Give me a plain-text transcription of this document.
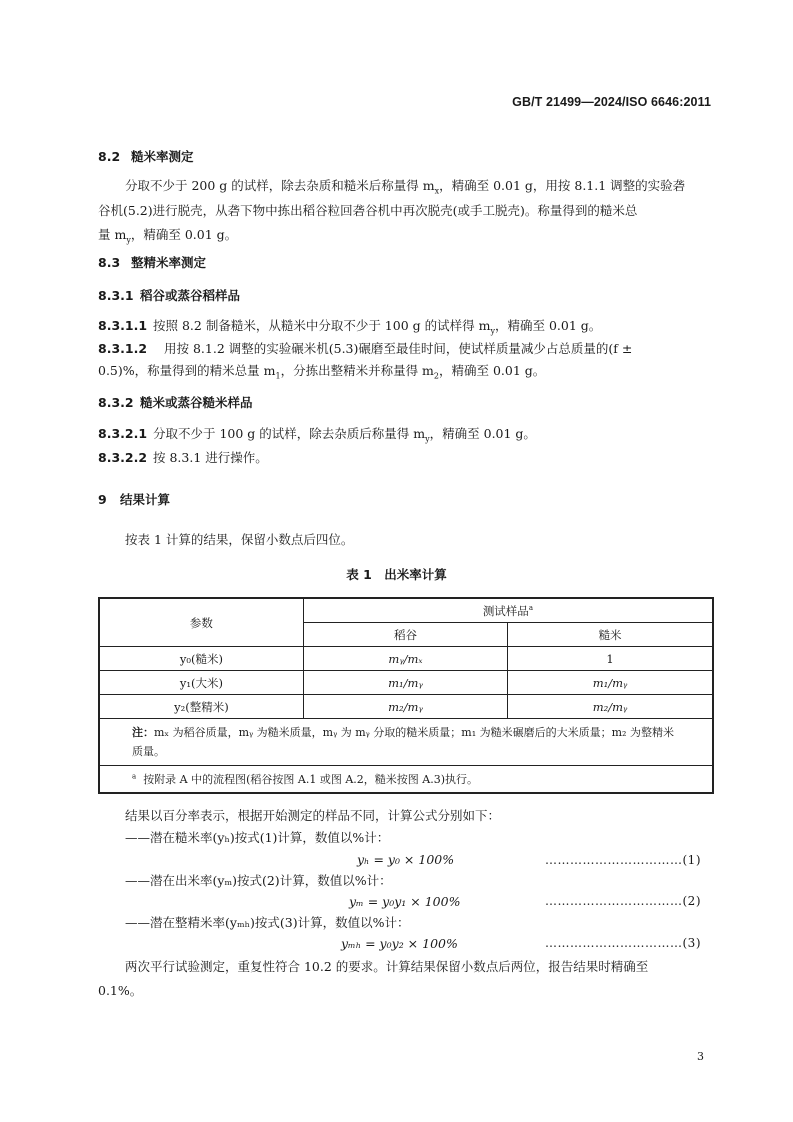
GB/T 21499—2024/ISO 6646:2011
8.2 糙米率测定
分取不少于 200 g 的试样，除去杂质和糙米后称量得 $m_x$，精确至 0.01 g，用按 8.1.1 调整的实验砻
谷机(5.2)进行脱壳，从砻下物中拣出稻谷粒回砻谷机中再次脱壳(或手工脱壳)。称量得到的糙米总
量 $m_y$，精确至 0.01 g。
8.3 整精米率测定
8.3.1 稻谷或蒸谷稻样品
8.3.1.1 按照 8.2 制备糙米，从糙米中分取不少于 100 g 的试样得 $m_y$，精确至 0.01 g。
8.3.1.2 用按 8.1.2 调整的实验碾米机(5.3)碾磨至最佳时间，使试样质量减少占总质量的(f ±
0.5)%，称量得到的精米总量 $m_1$，分拣出整精米并称量得 $m_2$，精确至 0.01 g。
8.3.2 糙米或蒸谷糙米样品
8.3.2.1 分取不少于 100 g 的试样，除去杂质后称量得 $m_y$，精确至 0.01 g。
8.3.2.2 按 8.3.1 进行操作。
9 结果计算
按表 1 计算的结果，保留小数点后四位。
表 1　出米率计算
参数	测试样品$^a$
	稻谷	糙米
y₀(糙米)	mᵧ/mₓ	1
y₁(大米)	m₁/mᵧ	m₁/mᵧ
y₂(整精米)	m₂/mᵧ	m₂/mᵧ
注：mₓ 为稻谷质量，mᵧ 为糙米质量，mᵧ 为 mᵧ 分取的糙米质量；m₁ 为糙米碾磨后的大米质量；m₂ 为整精米
质量。		
$^a$ 按附录 A 中的流程图(稻谷按图 A.1 或图 A.2，糙米按图 A.3)执行。		
结果以百分率表示，根据开始测定的样品不同，计算公式分别如下：
——潜在糙米率(yₕ)按式(1)计算，数值以%计：
yₕ = y₀ × 100%	……………………………(1)
——潜在出米率(yₘ)按式(2)计算，数值以%计：
yₘ = y₀y₁ × 100%	……………………………(2)
——潜在整精米率(yₘₕ)按式(3)计算，数值以%计：
yₘₕ = y₀y₂ × 100%	……………………………(3)
两次平行试验测定，重复性符合 10.2 的要求。计算结果保留小数点后两位，报告结果时精确至
0.1%。
3
